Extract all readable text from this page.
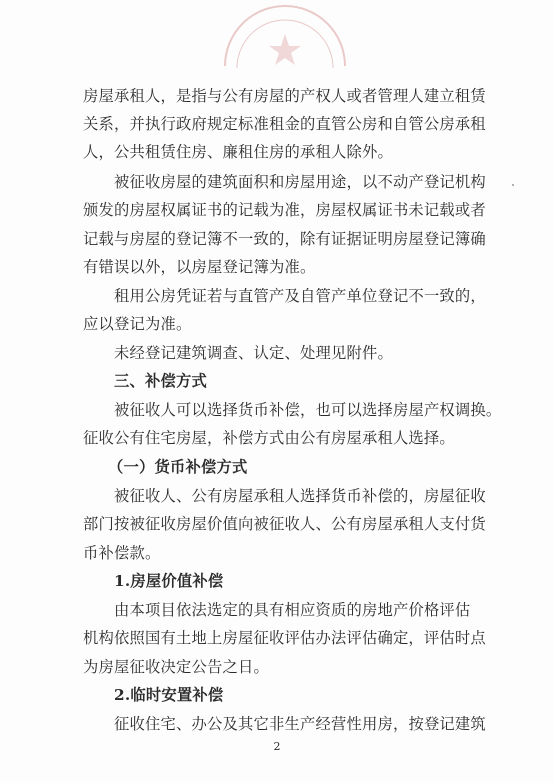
房屋承租人，是指与公有房屋的产权人或者管理人建立租赁
关系，并执行政府规定标准租金的直管公房和自管公房承租
人，公共租赁住房、廉租住房的承租人除外。
被征收房屋的建筑面积和房屋用途，以不动产登记机构
颁发的房屋权属证书的记载为准，房屋权属证书未记载或者
记载与房屋的登记簿不一致的，除有证据证明房屋登记簿确
有错误以外，以房屋登记簿为准。
租用公房凭证若与直管产及自管产单位登记不一致的，
应以登记为准。
未经登记建筑调查、认定、处理见附件。
三、补偿方式
被征收人可以选择货币补偿，也可以选择房屋产权调换。
征收公有住宅房屋，补偿方式由公有房屋承租人选择。
（一）货币补偿方式
被征收人、公有房屋承租人选择货币补偿的，房屋征收
部门按被征收房屋价值向被征收人、公有房屋承租人支付货
币补偿款。
1.房屋价值补偿
由本项目依法选定的具有相应资质的房地产价格评估
机构依照国有土地上房屋征收评估办法评估确定，评估时点
为房屋征收决定公告之日。
2.临时安置补偿
征收住宅、办公及其它非生产经营性用房，按登记建筑
2
